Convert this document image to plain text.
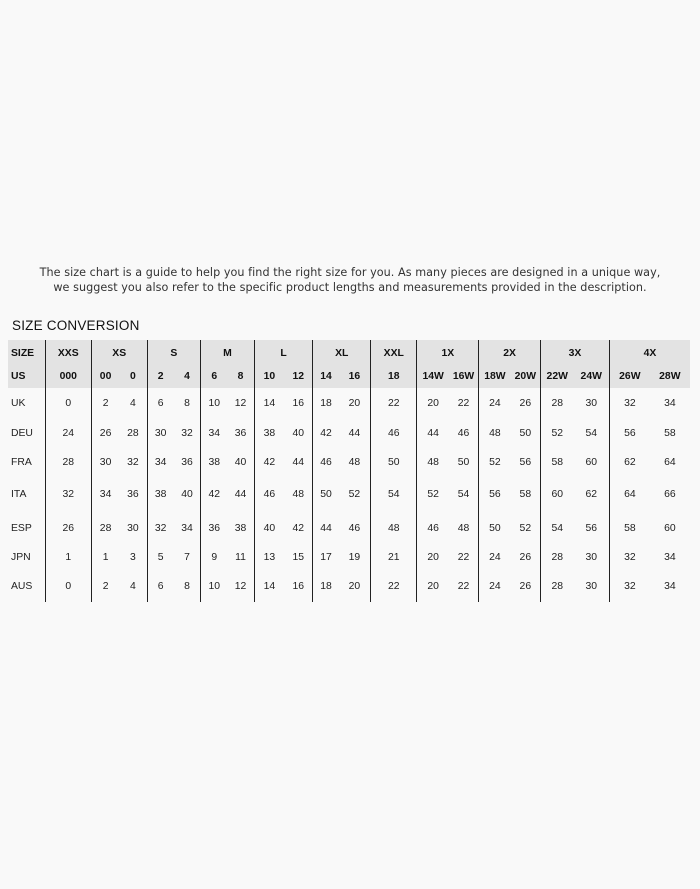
The size chart is a guide to help you find the right size for you. As many pieces are designed in a unique way,
we suggest you also refer to the specific product lengths and measurements provided in the description.
SIZE CONVERSION
SIZE	XXS	XS		S		M		L		XL		XXL	1X		2X		3X		4X	
US	000	00	0	2	4	6	8	10	12	14	16	18	14W	16W	18W	20W	22W	24W	26W	28W
UK	0	2	4	6	8	10	12	14	16	18	20	22	20	22	24	26	28	30	32	34
DEU	24	26	28	30	32	34	36	38	40	42	44	46	44	46	48	50	52	54	56	58
FRA	28	30	32	34	36	38	40	42	44	46	48	50	48	50	52	56	58	60	62	64
ITA	32	34	36	38	40	42	44	46	48	50	52	54	52	54	56	58	60	62	64	66
ESP	26	28	30	32	34	36	38	40	42	44	46	48	46	48	50	52	54	56	58	60
JPN	1	1	3	5	7	9	11	13	15	17	19	21	20	22	24	26	28	30	32	34
AUS	0	2	4	6	8	10	12	14	16	18	20	22	20	22	24	26	28	30	32	34
